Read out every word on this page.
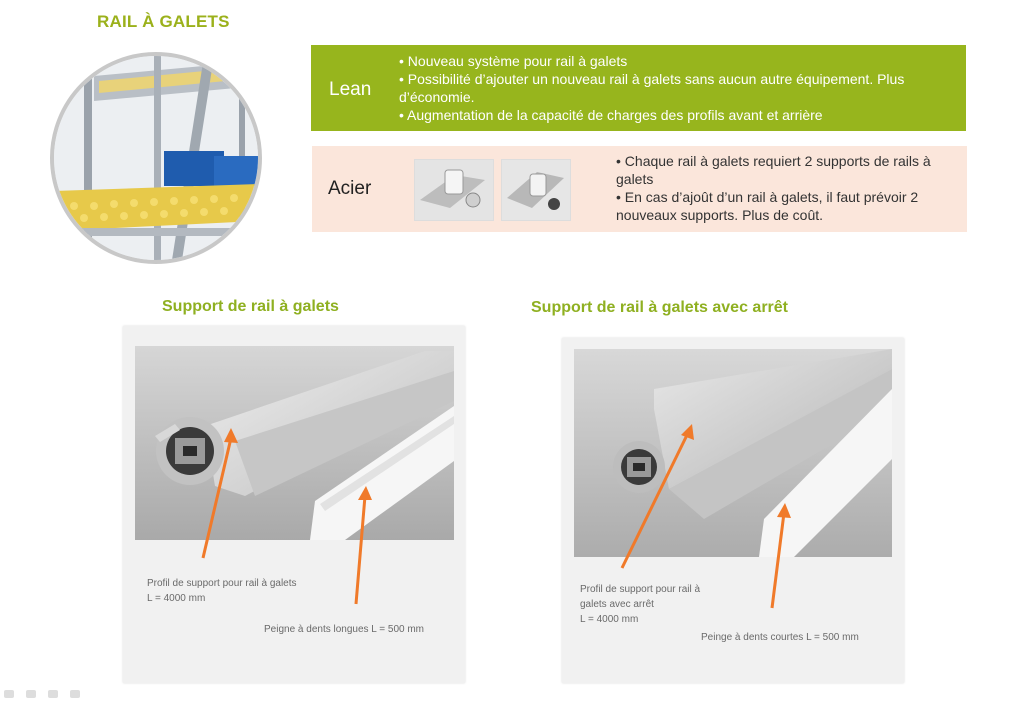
RAIL À GALETS
Lean
• Nouveau système pour rail à galets
• Possibilité d’ajouter un nouveau rail à galets sans aucun autre équipement. Plus d’économie.
• Augmentation de la capacité de charges des profils avant et arrière
Acier
• Chaque rail à galets requiert 2 supports de rails à galets
• En cas d’ajoût d’un rail à galets, il faut prévoir 2 nouveaux supports. Plus de coût.
Support de rail à galets
Profil de support pour rail à galets
L = 4000 mm
Peigne à dents longues L = 500 mm
Support de rail à galets avec arrêt
Profil de support pour rail à
galets avec arrêt
L = 4000 mm
Peinge à dents courtes L = 500 mm
